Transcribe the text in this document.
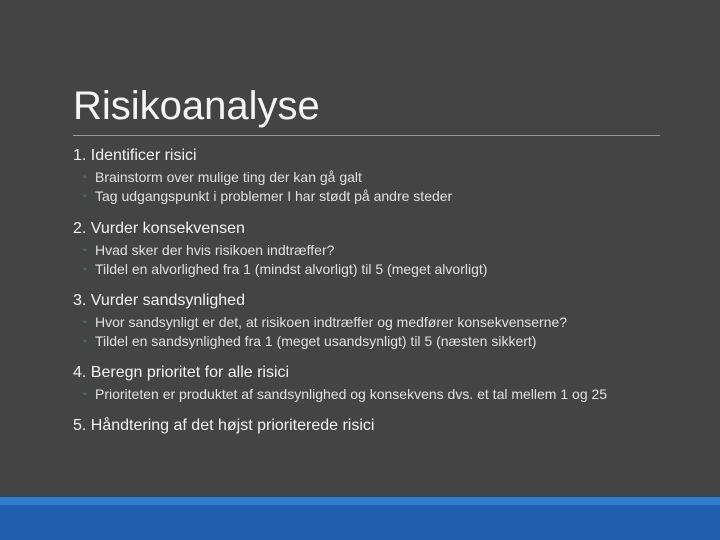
Risikoanalyse
1. Identificer risici
◦ Brainstorm over mulige ting der kan gå galt
◦ Tag udgangspunkt i problemer I har stødt på andre steder
2. Vurder konsekvensen
◦ Hvad sker der hvis risikoen indtræffer?
◦ Tildel en alvorlighed fra 1 (mindst alvorligt) til 5 (meget alvorligt)
3. Vurder sandsynlighed
◦ Hvor sandsynligt er det, at risikoen indtræffer og medfører konsekvenserne?
◦ Tildel en sandsynlighed fra 1 (meget usandsynligt) til 5 (næsten sikkert)
4. Beregn prioritet for alle risici
◦ Prioriteten er produktet af sandsynlighed og konsekvens dvs. et tal mellem 1 og 25
5. Håndtering af det højst prioriterede risici
